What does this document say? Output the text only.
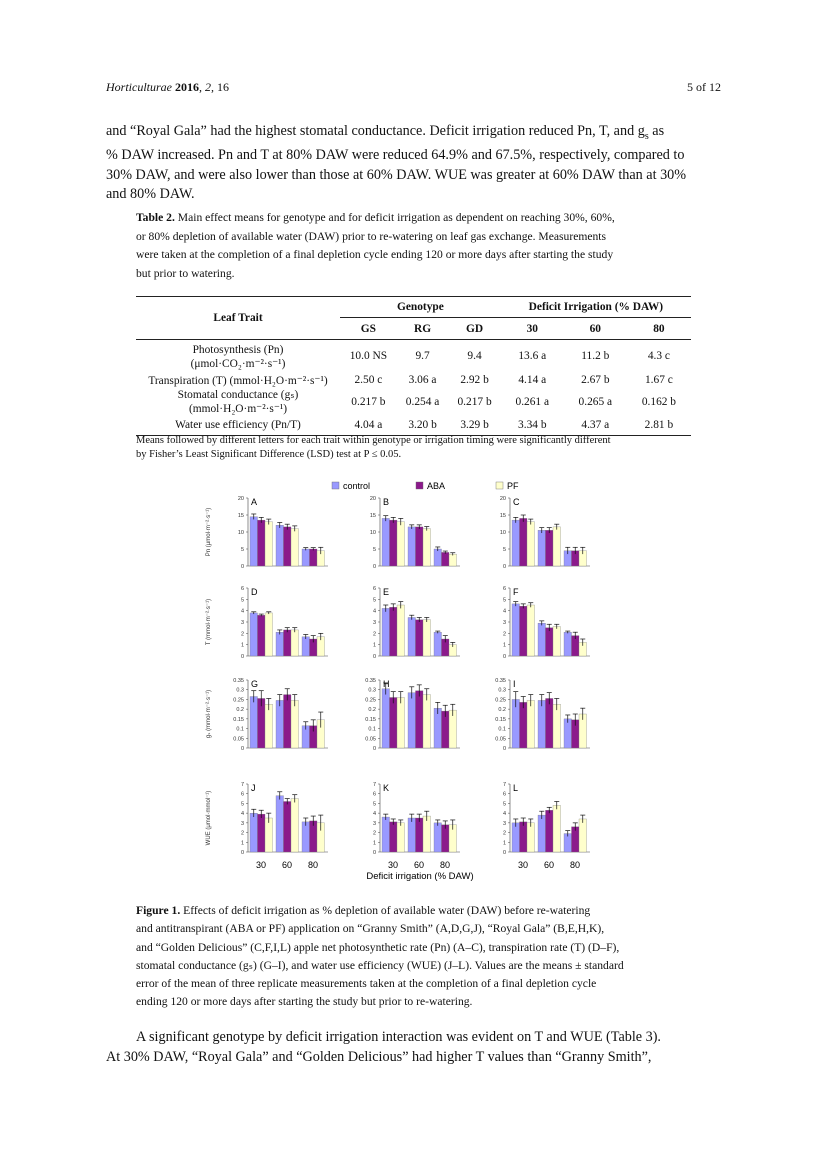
Horticulturae 2016, 2, 16	5 of 12
and “Royal Gala” had the highest stomatal conductance. Deficit irrigation reduced Pn, T, and $g_s$ as
% DAW increased. Pn and T at 80% DAW were reduced 64.9% and 67.5%, respectively, compared to
30% DAW, and were also lower than those at 60% DAW. WUE was greater at 60% DAW than at 30%
and 80% DAW.
Table 2. Main effect means for genotype and for deficit irrigation as dependent on reaching 30%, 60%,
or 80% depletion of available water (DAW) prior to re-watering on leaf gas exchange. Measurements
were taken at the completion of a final depletion cycle ending 120 or more days after starting the study
but prior to watering.
Leaf Trait	Genotype			Deficit Irrigation (% DAW)		
	GS	RG	GD	30	60	80
Photosynthesis (Pn)
(μmol·CO₂·m⁻²·s⁻¹)	10.0 NS	9.7	9.4	13.6 a	11.2 b	4.3 c
Transpiration (T) (mmol·H₂O·m⁻²·s⁻¹)	2.50 c	3.06 a	2.92 b	4.14 a	2.67 b	1.67 c
Stomatal conductance (gₛ)
(mmol·H₂O·m⁻²·s⁻¹)	0.217 b	0.254 a	0.217 b	0.261 a	0.265 a	0.162 b
Water use efficiency (Pn/T)	4.04 a	3.20 b	3.29 b	3.34 b	4.37 a	2.81 b
Means followed by different letters for each trait within genotype or irrigation timing were significantly different
by Fisher’s Least Significant Difference (LSD) test at P ≤ 0.05.
control	ABA	PF
Pn (μmol·m⁻²·s⁻¹)
0
5
10
15
20 A
0
5
10
15
20 B
0
5
10
15
20 C
T (mmol·m⁻²·s⁻¹)
0
1
2
3
4
5
6 D
0
1
2
3
4
5
6 E
0
1
2
3
4
5
6 F
gₛ (mmol·m⁻²·s⁻¹)
0
0.05
0.1
0.15
0.2
0.25
0.3
0.35 G
0
0.05
0.1
0.15
0.2
0.25
0.3
0.35 H
0
0.05
0.1
0.15
0.2
0.25
0.3
0.35 I
WUE (μmol·mmol⁻¹)
0
1
2
3
4
5
6
7 J
30 60 80
0
1
2
3
4
5
6
7 K
30 60 80
0
1
2
3
4
5
6
7 L
30 60 80
Deficit irrigation (% DAW)
Figure 1. Effects of deficit irrigation as % depletion of available water (DAW) before re-watering
and antitranspirant (ABA or PF) application on “Granny Smith” (A,D,G,J), “Royal Gala” (B,E,H,K),
and “Golden Delicious” (C,F,I,L) apple net photosynthetic rate (Pn) (A–C), transpiration rate (T) (D–F),
stomatal conductance (gₛ) (G–I), and water use efficiency (WUE) (J–L). Values are the means ± standard
error of the mean of three replicate measurements taken at the completion of a final depletion cycle
ending 120 or more days after starting the study but prior to re-watering.
A significant genotype by deficit irrigation interaction was evident on T and WUE (Table 3).
At 30% DAW, “Royal Gala” and “Golden Delicious” had higher T values than “Granny Smith”,
